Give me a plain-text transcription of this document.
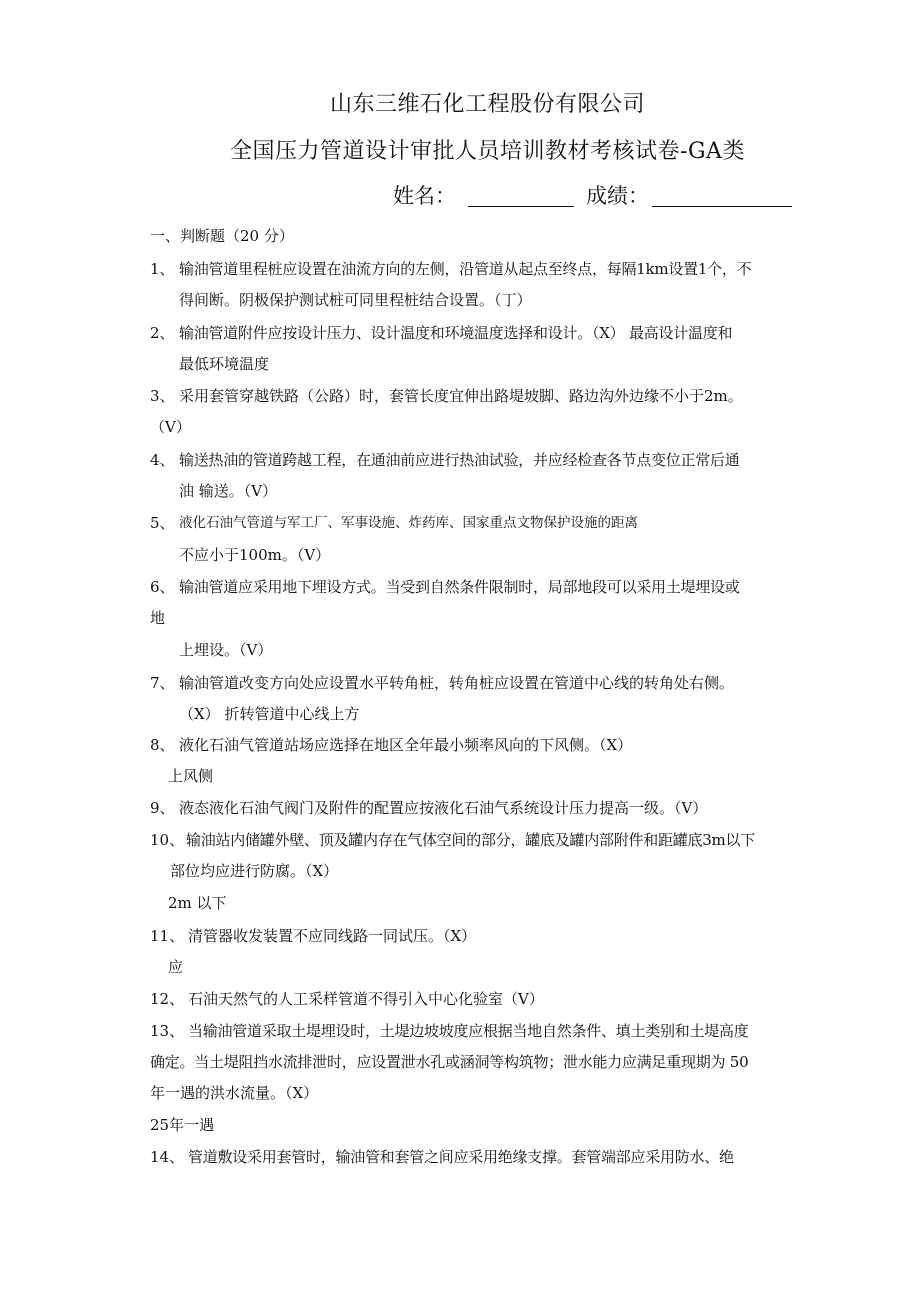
山东三维石化工程股份有限公司
全国压力管道设计审批人员培训教材考核试卷-GA类
姓名：	成绩：
一、判断题（20 分）
1、 输油管道里程桩应设置在油流方向的左侧，沿管道从起点至终点，每隔1km设置1个，不
得间断。阴极保护测试桩可同里程桩结合设置。（丁）
2、 输油管道附件应按设计压力、设计温度和环境温度选择和设计。（X） 最高设计温度和
最低环境温度
3、 采用套管穿越铁路（公路）时，套管长度宜伸出路堤坡脚、路边沟外边缘不小于2m。
（V）
4、 输送热油的管道跨越工程，在通油前应进行热油试验，并应经检查各节点变位正常后通
油 输送。（V）
5、 液化石油气管道与军工厂、军事设施、炸药库、国家重点文物保护设施的距离
不应小于100m。（V）
6、 输油管道应采用地下埋设方式。当受到自然条件限制时，局部地段可以采用土堤埋设或
地
上埋设。（V）
7、 输油管道改变方向处应设置水平转角桩，转角桩应设置在管道中心线的转角处右侧。
（X） 折转管道中心线上方
8、 液化石油气管道站场应选择在地区全年最小频率风向的下风侧。（X）
上风侧
9、 液态液化石油气阀门及附件的配置应按液化石油气系统设计压力提高一级。（V）
10、 输油站内储罐外壁、顶及罐内存在气体空间的部分，罐底及罐内部附件和距罐底3m以下
部位均应进行防腐。（X）
2m 以下
11、 清管器收发装置不应同线路一同试压。（X）
应
12、 石油天然气的人工采样管道不得引入中心化验室（V）
13、 当输油管道采取土堤埋设时，土堤边坡坡度应根据当地自然条件、填土类别和土堤高度
确定。当土堤阻挡水流排泄时，应设置泄水孔或涵洞等构筑物；泄水能力应满足重现期为 50
年一遇的洪水流量。（X）
25年一遇
14、 管道敷设采用套管时，输油管和套管之间应采用绝缘支撑。套管端部应采用防水、绝
